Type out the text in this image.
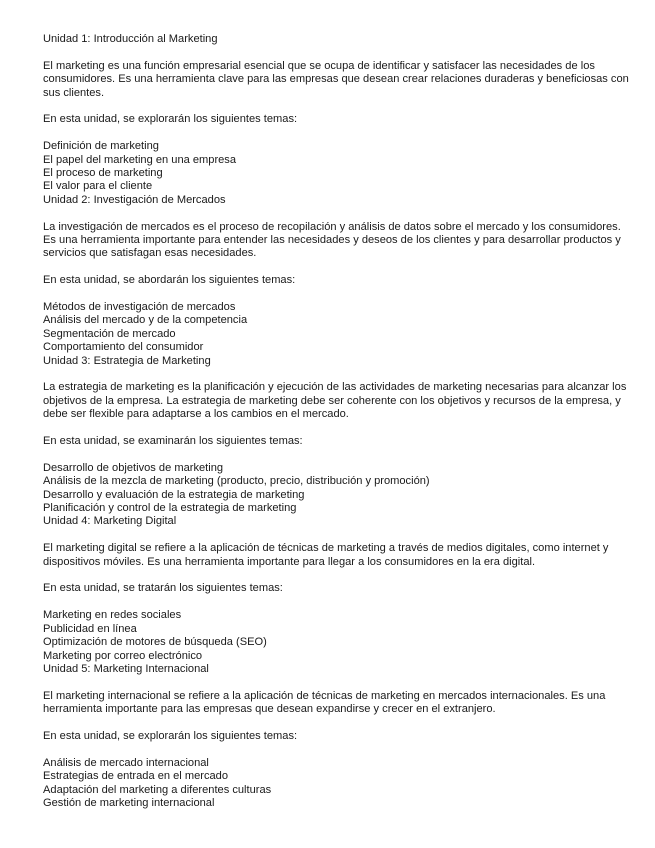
Unidad 1: Introducción al Marketing
El marketing es una función empresarial esencial que se ocupa de identificar y satisfacer las necesidades de los
consumidores. Es una herramienta clave para las empresas que desean crear relaciones duraderas y beneficiosas con
sus clientes.
En esta unidad, se explorarán los siguientes temas:
Definición de marketing
El papel del marketing en una empresa
El proceso de marketing
El valor para el cliente
Unidad 2: Investigación de Mercados
La investigación de mercados es el proceso de recopilación y análisis de datos sobre el mercado y los consumidores.
Es una herramienta importante para entender las necesidades y deseos de los clientes y para desarrollar productos y
servicios que satisfagan esas necesidades.
En esta unidad, se abordarán los siguientes temas:
Métodos de investigación de mercados
Análisis del mercado y de la competencia
Segmentación de mercado
Comportamiento del consumidor
Unidad 3: Estrategia de Marketing
La estrategia de marketing es la planificación y ejecución de las actividades de marketing necesarias para alcanzar los
objetivos de la empresa. La estrategia de marketing debe ser coherente con los objetivos y recursos de la empresa, y
debe ser flexible para adaptarse a los cambios en el mercado.
En esta unidad, se examinarán los siguientes temas:
Desarrollo de objetivos de marketing
Análisis de la mezcla de marketing (producto, precio, distribución y promoción)
Desarrollo y evaluación de la estrategia de marketing
Planificación y control de la estrategia de marketing
Unidad 4: Marketing Digital
El marketing digital se refiere a la aplicación de técnicas de marketing a través de medios digitales, como internet y
dispositivos móviles. Es una herramienta importante para llegar a los consumidores en la era digital.
En esta unidad, se tratarán los siguientes temas:
Marketing en redes sociales
Publicidad en línea
Optimización de motores de búsqueda (SEO)
Marketing por correo electrónico
Unidad 5: Marketing Internacional
El marketing internacional se refiere a la aplicación de técnicas de marketing en mercados internacionales. Es una
herramienta importante para las empresas que desean expandirse y crecer en el extranjero.
En esta unidad, se explorarán los siguientes temas:
Análisis de mercado internacional
Estrategias de entrada en el mercado
Adaptación del marketing a diferentes culturas
Gestión de marketing internacional
